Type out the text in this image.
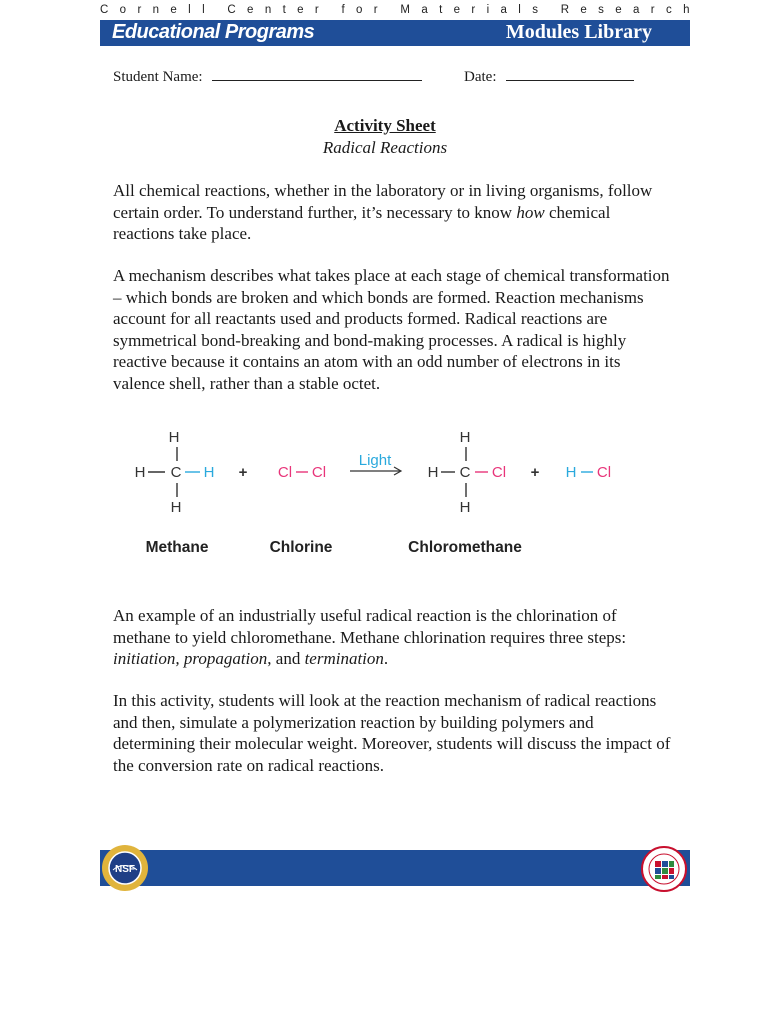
C o r n e l l C e n t e r f o r M a t e r i a l s R e s e a r c h
Educational Programs	Modules Library
Student Name:	Date:
Activity Sheet
Radical Reactions
All chemical reactions, whether in the laboratory or in living organisms, follow certain order. To understand further, it’s necessary to know how chemical reactions take place.
A mechanism describes what takes place at each stage of chemical transformation – which bonds are broken and which bonds are formed. Reaction mechanisms account for all reactants used and products formed. Radical reactions are symmetrical bond-breaking and bond-making processes. A radical is highly reactive because it contains an atom with an odd number of electrons in its valence shell, rather than a stable octet.
H
H C H
H
+ Cl Cl
Light
H
H C Cl
H
+ H Cl
Methane	Chlorine	Chloromethane
An example of an industrially useful radical reaction is the chlorination of methane to yield chloromethane. Methane chlorination requires three steps: initiation, propagation, and termination.
In this activity, students will look at the reaction mechanism of radical reactions and then, simulate a polymerization reaction by building polymers and determining their molecular weight. Moreover, students will discuss the impact of the conversion rate on radical reactions.
NSF
